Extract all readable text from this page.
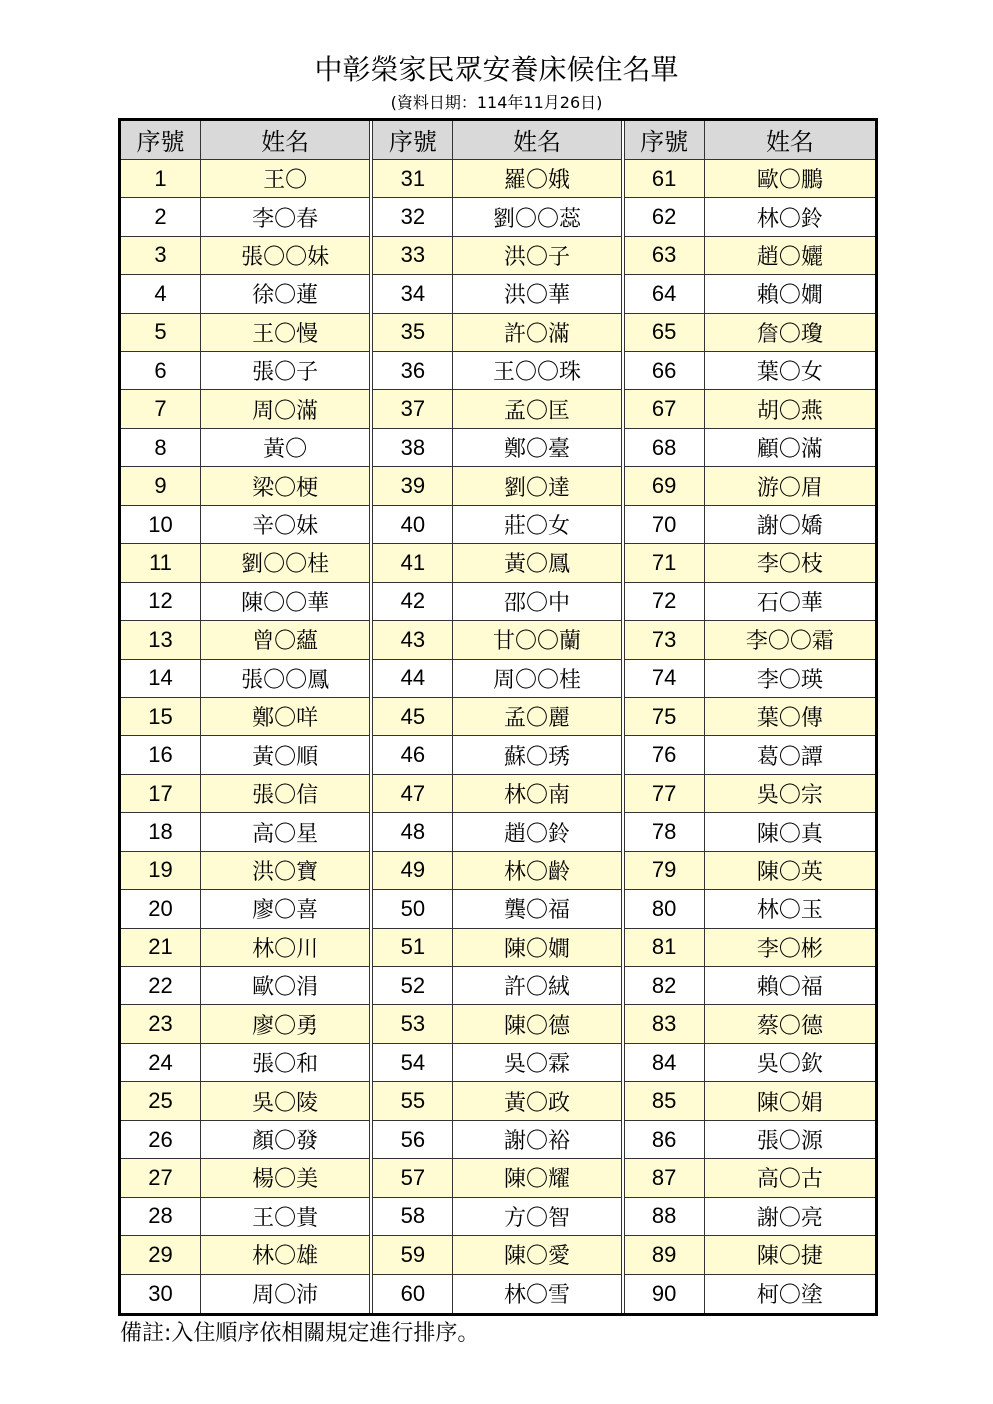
中彰榮家民眾安養床候住名單
(資料日期：114年11月26日)
序號	姓名
1	王〇
2	李〇春
3	張〇〇妹
4	徐〇蓮
5	王〇慢
6	張〇子
7	周〇滿
8	黃〇
9	梁〇梗
10	辛〇妹
11	劉〇〇桂
12	陳〇〇華
13	曾〇蘊
14	張〇〇鳳
15	鄭〇咩
16	黃〇順
17	張〇信
18	高〇星
19	洪〇寶
20	廖〇喜
21	林〇川
22	歐〇涓
23	廖〇勇
24	張〇和
25	吳〇陵
26	顏〇發
27	楊〇美
28	王〇貴
29	林〇雄
30	周〇沛
序號	姓名
31	羅〇娥
32	劉〇〇蕊
33	洪〇子
34	洪〇華
35	許〇滿
36	王〇〇珠
37	孟〇匡
38	鄭〇臺
39	劉〇達
40	莊〇女
41	黃〇鳳
42	邵〇中
43	甘〇〇蘭
44	周〇〇桂
45	孟〇麗
46	蘇〇琇
47	林〇南
48	趙〇鈴
49	林〇齡
50	龔〇福
51	陳〇嫺
52	許〇絨
53	陳〇德
54	吳〇霖
55	黃〇政
56	謝〇裕
57	陳〇耀
58	方〇智
59	陳〇愛
60	林〇雪
序號	姓名
61	歐〇鵬
62	林〇鈴
63	趙〇孋
64	賴〇嫺
65	詹〇瓊
66	葉〇女
67	胡〇燕
68	顧〇滿
69	游〇眉
70	謝〇嬌
71	李〇枝
72	石〇華
73	李〇〇霜
74	李〇瑛
75	葉〇傳
76	葛〇譚
77	吳〇宗
78	陳〇真
79	陳〇英
80	林〇玉
81	李〇彬
82	賴〇福
83	蔡〇德
84	吳〇欽
85	陳〇娟
86	張〇源
87	高〇古
88	謝〇亮
89	陳〇捷
90	柯〇塗
備註:入住順序依相關規定進行排序。
